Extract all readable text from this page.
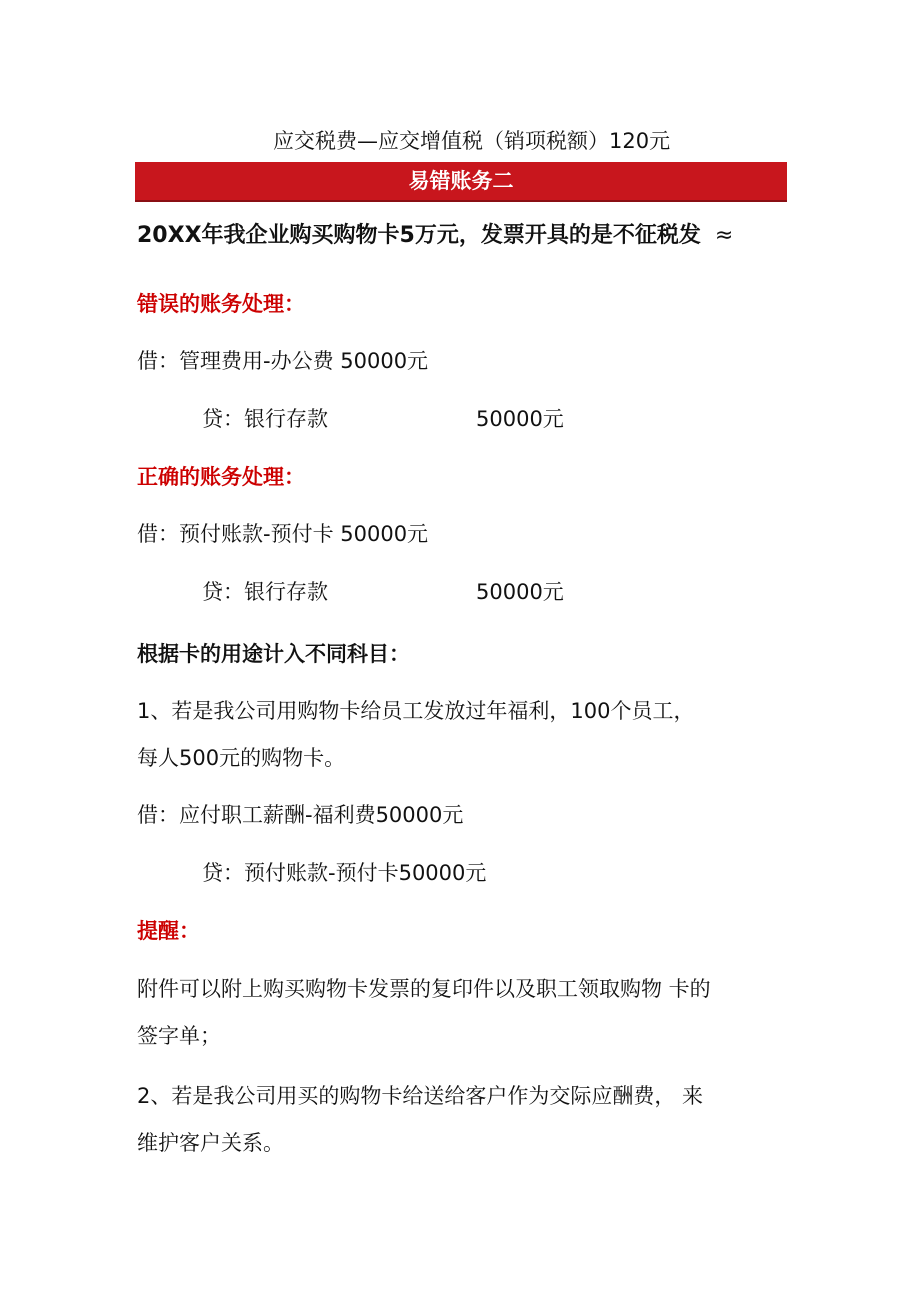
应交税费—应交增值税（销项税额）120元
易错账务二
20XX年我企业购买购物卡5万元，发票开具的是不征税发 ≈
错误的账务处理：
借：管理费用-办公费 50000元
贷：银行存款	50000元
正确的账务处理：
借：预付账款-预付卡 50000元
贷：银行存款	50000元
根据卡的用途计入不同科目：
1、若是我公司用购物卡给员工发放过年福利，100个员工，
每人500元的购物卡。
借：应付职工薪酬-福利费50000元
贷：预付账款-预付卡50000元
提醒：
附件可以附上购买购物卡发票的复印件以及职工领取购物 卡的
签字单；
2、若是我公司用买的购物卡给送给客户作为交际应酬费， 来
维护客户关系。
